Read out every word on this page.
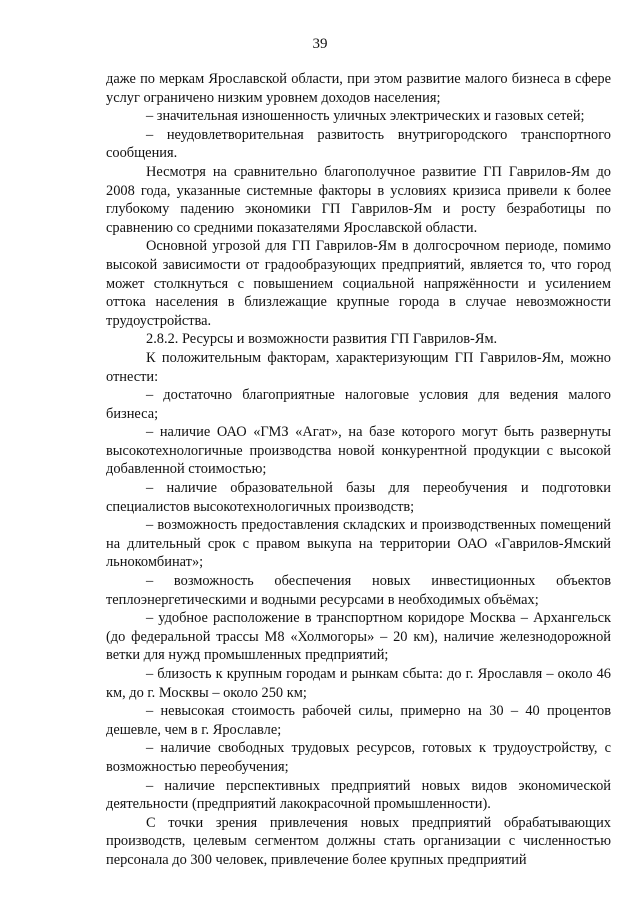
39

даже по меркам Ярославской области, при этом развитие малого бизнеса в сфере услуг ограничено низким уровнем доходов населения;

– значительная изношенность уличных электрических и газовых сетей;

– неудовлетворительная развитость внутригородского транспортного сообщения.

Несмотря на сравнительно благополучное развитие ГП Гаврилов-Ям до 2008 года, указанные системные факторы в условиях кризиса привели к более глубокому падению экономики ГП Гаврилов-Ям и росту безработицы по сравнению со средними показателями Ярославской области.

Основной угрозой для ГП Гаврилов-Ям в долгосрочном периоде, помимо высокой зависимости от градообразующих предприятий, является то, что город может столкнуться с повышением социальной напряжённости и усилением оттока населения в близлежащие крупные города в случае невозможности трудоустройства.

2.8.2. Ресурсы и возможности развития ГП Гаврилов-Ям.

К положительным факторам, характеризующим ГП Гаврилов-Ям, можно отнести:

– достаточно благоприятные налоговые условия для ведения малого бизнеса;

– наличие ОАО «ГМЗ «Агат», на базе которого могут быть развернуты высокотехнологичные производства новой конкурентной продукции с высокой добавленной стоимостью;

– наличие образовательной базы для переобучения и подготовки специалистов высокотехнологичных производств;

– возможность предоставления складских и производственных помещений на длительный срок с правом выкупа на территории ОАО «Гаврилов-Ямский льнокомбинат»;

– возможность обеспечения новых инвестиционных объектов теплоэнергетическими и водными ресурсами в необходимых объёмах;

– удобное расположение в транспортном коридоре Москва – Архангельск (до федеральной трассы М8 «Холмогоры» – 20 км), наличие железнодорожной ветки для нужд промышленных предприятий;

– близость к крупным городам и рынкам сбыта: до г. Ярославля – около 46 км, до г. Москвы – около 250 км;

– невысокая стоимость рабочей силы, примерно на 30 – 40 процентов дешевле, чем в г. Ярославле;

– наличие свободных трудовых ресурсов, готовых к трудоустройству, с возможностью переобучения;

– наличие перспективных предприятий новых видов экономической деятельности (предприятий лакокрасочной промышленности).

С точки зрения привлечения новых предприятий обрабатывающих производств, целевым сегментом должны стать организации с численностью персонала до 300 человек, привлечение более крупных предприятий
